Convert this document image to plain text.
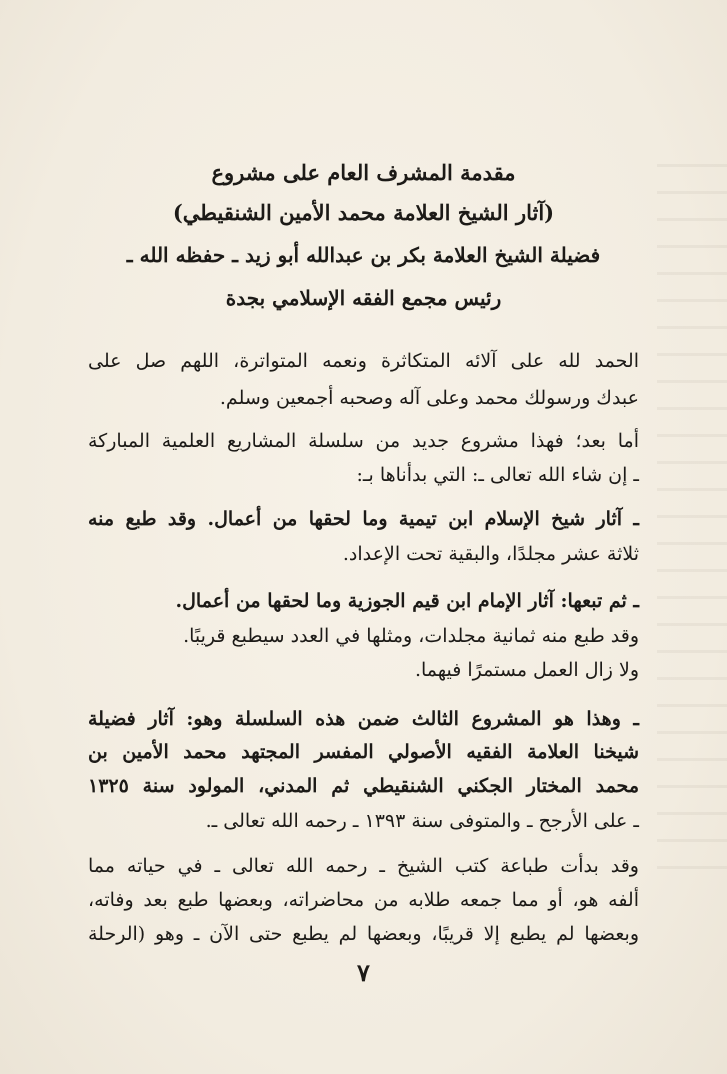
مقدمة المشرف العام على مشروع
(آثار الشيخ العلامة محمد الأمين الشنقيطي)
فضيلة الشيخ العلامة بكر بن عبدالله أبو زيد ـ حفظه الله ـ
رئيس مجمع الفقه الإسلامي بجدة
الحمد لله على آلائه المتكاثرة ونعمه المتواترة، اللهم صل على
عبدك ورسولك محمد وعلى آله وصحبه أجمعين وسلم.
أما بعد؛ فهذا مشروع جديد من سلسلة المشاريع العلمية المباركة
ـ إن شاء الله تعالى ـ: التي بدأناها بـ:
ـ آثار شيخ الإسلام ابن تيمية وما لحقها من أعمال. وقد طبع منه
ثلاثة عشر مجلدًا، والبقية تحت الإعداد.
ـ ثم تبعها: آثار الإمام ابن قيم الجوزية وما لحقها من أعمال.
وقد طبع منه ثمانية مجلدات، ومثلها في العدد سيطبع قريبًا.
ولا زال العمل مستمرًا فيهما.
ـ وهذا هو المشروع الثالث ضمن هذه السلسلة وهو: آثار فضيلة
شيخنا العلامة الفقيه الأصولي المفسر المجتهد محمد الأمين بن
محمد المختار الجكني الشنقيطي ثم المدني، المولود سنة ١٣٢٥
ـ على الأرجح ـ والمتوفى سنة ١٣٩٣ ـ رحمه الله تعالى ـ.
وقد بدأت طباعة كتب الشيخ ـ رحمه الله تعالى ـ في حياته مما
ألفه هو، أو مما جمعه طلابه من محاضراته، وبعضها طبع بعد وفاته،
وبعضها لم يطبع إلا قريبًا، وبعضها لم يطبع حتى الآن ـ وهو (الرحلة
٧
